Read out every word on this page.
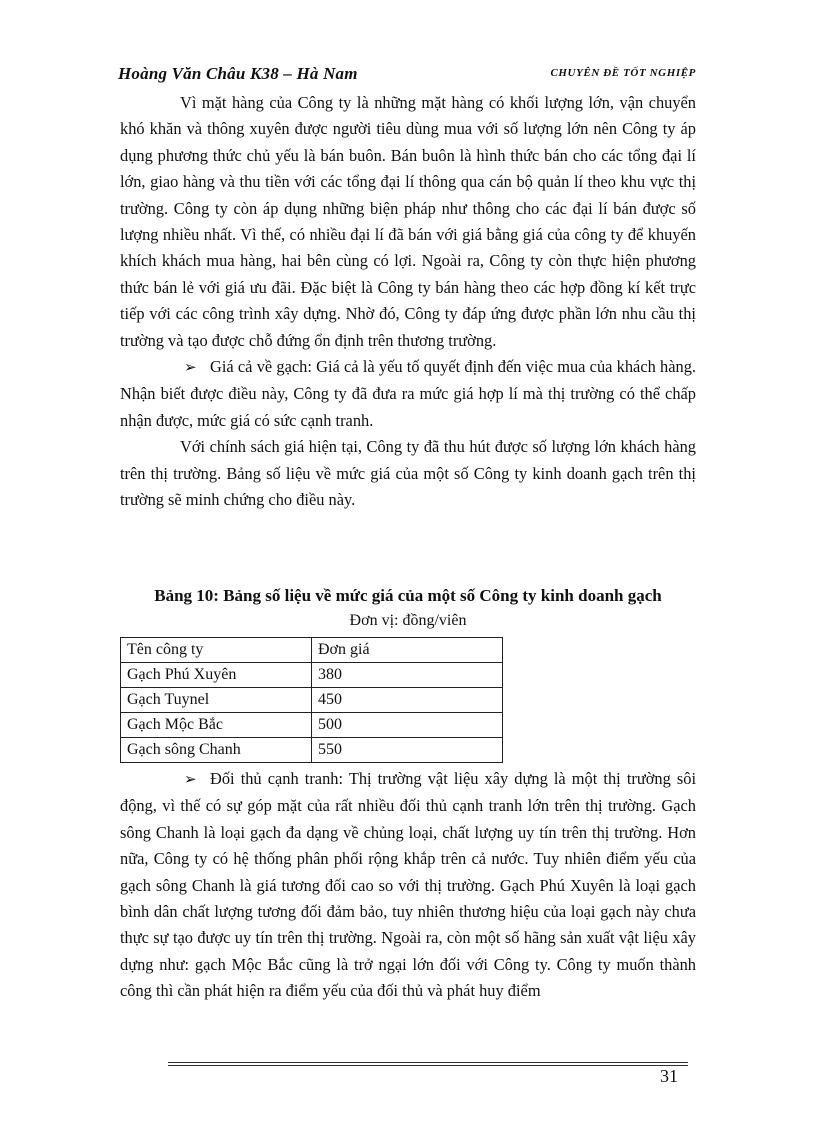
Hoàng Văn Châu K38 – Hà Nam	CHUYÊN ĐỀ TỐT NGHIỆP

Vì mặt hàng của Công ty là những mặt hàng có khối lượng lớn, vận chuyển khó khăn và thông xuyên được người tiêu dùng mua với số lượng lớn nên Công ty áp dụng phương thức chủ yếu là bán buôn. Bán buôn là hình thức bán cho các tổng đại lí lớn, giao hàng và thu tiền với các tổng đại lí thông qua cán bộ quản lí theo khu vực thị trường. Công ty còn áp dụng những biện pháp như thông cho các đại lí bán được số lượng nhiều nhất. Vì thế, có nhiều đại lí đã bán với giá bằng giá của công ty để khuyến khích khách mua hàng, hai bên cùng có lợi. Ngoài ra, Công ty còn thực hiện phương thức bán lẻ với giá ưu đãi. Đặc biệt là Công ty bán hàng theo các hợp đồng kí kết trực tiếp với các công trình xây dựng. Nhờ đó, Công ty đáp ứng được phần lớn nhu cầu thị trường và tạo được chỗ đứng ổn định trên thương trường.

➢ Giá cả về gạch: Giá cả là yếu tố quyết định đến việc mua của khách hàng. Nhận biết được điều này, Công ty đã đưa ra mức giá hợp lí mà thị trường có thể chấp nhận được, mức giá có sức cạnh tranh.

Với chính sách giá hiện tại, Công ty đã thu hút được số lượng lớn khách hàng trên thị trường. Bảng số liệu về mức giá của một số Công ty kinh doanh gạch trên thị trường sẽ minh chứng cho điều này.

Bảng 10: Bảng số liệu về mức giá của một số Công ty kinh doanh gạch
Đơn vị: đồng/viên
Tên công ty	Đơn giá
Gạch Phú Xuyên	380
Gạch Tuynel	450
Gạch Mộc Bắc	500
Gạch sông Chanh	550

➢ Đối thủ cạnh tranh: Thị trường vật liệu xây dựng là một thị trường sôi động, vì thế có sự góp mặt của rất nhiều đối thủ cạnh tranh lớn trên thị trường. Gạch sông Chanh là loại gạch đa dạng về chủng loại, chất lượng uy tín trên thị trường. Hơn nữa, Công ty có hệ thống phân phối rộng khắp trên cả nước. Tuy nhiên điểm yếu của gạch sông Chanh là giá tương đối cao so với thị trường. Gạch Phú Xuyên là loại gạch bình dân chất lượng tương đối đảm bảo, tuy nhiên thương hiệu của loại gạch này chưa thực sự tạo được uy tín trên thị trường. Ngoài ra, còn một số hãng sản xuất vật liệu xây dựng như: gạch Mộc Bắc cũng là trở ngại lớn đối với Công ty. Công ty muốn thành công thì cần phát hiện ra điểm yếu của đối thủ và phát huy điểm

31
